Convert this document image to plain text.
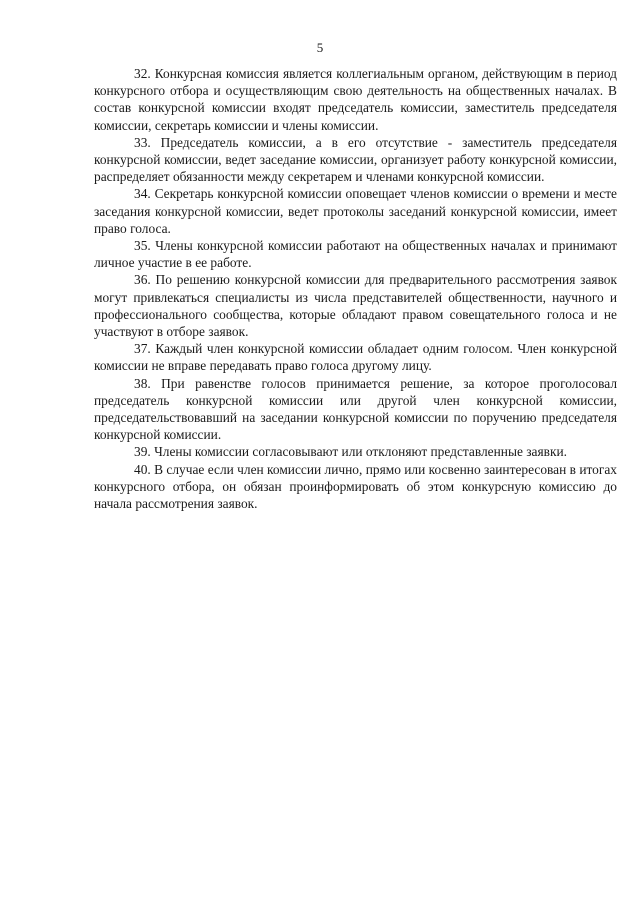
5

32. Конкурсная комиссия является коллегиальным органом, действующим в период конкурсного отбора и осуществляющим свою деятельность на общественных началах. В состав конкурсной комиссии входят председатель комиссии, заместитель председателя комиссии, секретарь комиссии и члены комиссии.

33. Председатель комиссии, а в его отсутствие - заместитель председателя конкурсной комиссии, ведет заседание комиссии, организует работу конкурсной комиссии, распределяет обязанности между секретарем и членами конкурсной комиссии.

34. Секретарь конкурсной комиссии оповещает членов комиссии о времени и месте заседания конкурсной комиссии, ведет протоколы заседаний конкурсной комиссии, имеет право голоса.

35. Члены конкурсной комиссии работают на общественных началах и принимают личное участие в ее работе.

36. По решению конкурсной комиссии для предварительного рассмотрения заявок могут привлекаться специалисты из числа представителей общественности, научного и профессионального сообщества, которые обладают правом совещательного голоса и не участвуют в отборе заявок.

37. Каждый член конкурсной комиссии обладает одним голосом. Член конкурсной комиссии не вправе передавать право голоса другому лицу.

38. При равенстве голосов принимается решение, за которое проголосовал председатель конкурсной комиссии или другой член конкурсной комиссии, председательствовавший на заседании конкурсной комиссии по поручению председателя конкурсной комиссии.

39. Члены комиссии согласовывают или отклоняют представленные заявки.

40. В случае если член комиссии лично, прямо или косвенно заинтересован в итогах конкурсного отбора, он обязан проинформировать об этом конкурсную комиссию до начала рассмотрения заявок.
